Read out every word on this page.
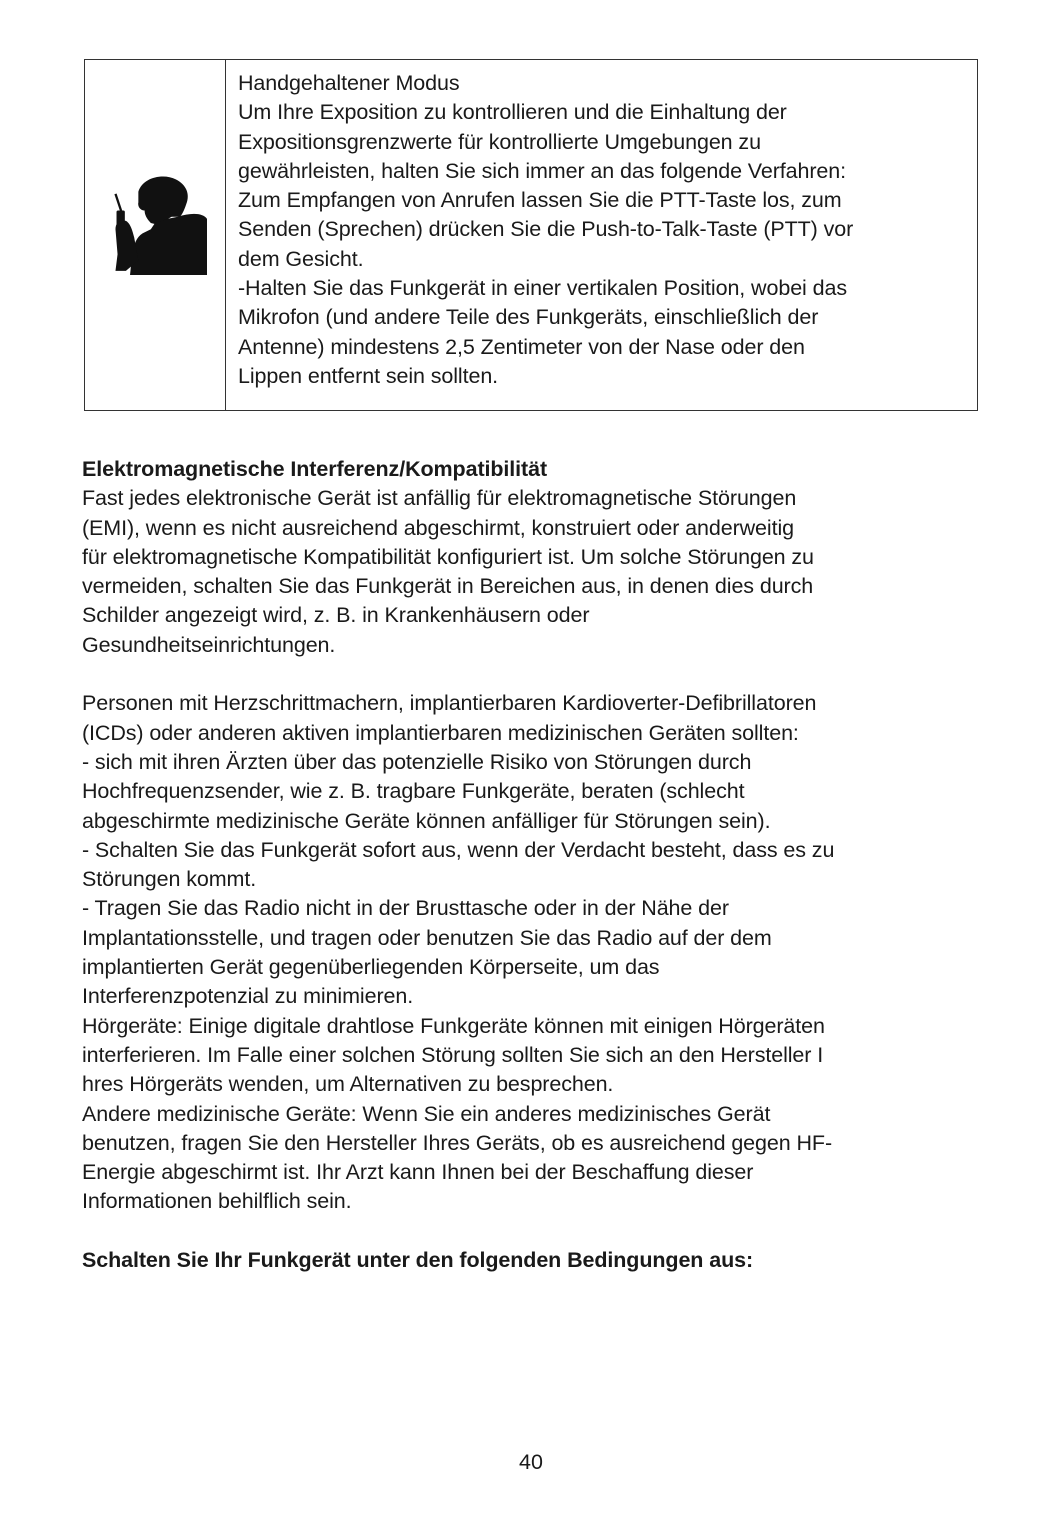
Handgehaltener Modus

Um Ihre Exposition zu kontrollieren und die Einhaltung der

Expositionsgrenzwerte für kontrollierte Umgebungen zu

gewährleisten, halten Sie sich immer an das folgende Verfahren:

Zum Empfangen von Anrufen lassen Sie die PTT-Taste los, zum

Senden (Sprechen) drücken Sie die Push-to-Talk-Taste (PTT) vor

dem Gesicht.

-Halten Sie das Funkgerät in einer vertikalen Position, wobei das

Mikrofon (und andere Teile des Funkgeräts, einschließlich der

Antenne) mindestens 2,5 Zentimeter von der Nase oder den

Lippen entfernt sein sollten.

Elektromagnetische Interferenz/Kompatibilität

Fast jedes elektronische Gerät ist anfällig für elektromagnetische Störungen

(EMI), wenn es nicht ausreichend abgeschirmt, konstruiert oder anderweitig

für elektromagnetische Kompatibilität konfiguriert ist. Um solche Störungen zu

vermeiden, schalten Sie das Funkgerät in Bereichen aus, in denen dies durch

Schilder angezeigt wird, z. B. in Krankenhäusern oder

Gesundheitseinrichtungen.

Personen mit Herzschrittmachern, implantierbaren Kardioverter-Defibrillatoren

(ICDs) oder anderen aktiven implantierbaren medizinischen Geräten sollten:

- sich mit ihren Ärzten über das potenzielle Risiko von Störungen durch

Hochfrequenzsender, wie z. B. tragbare Funkgeräte, beraten (schlecht

abgeschirmte medizinische Geräte können anfälliger für Störungen sein).

- Schalten Sie das Funkgerät sofort aus, wenn der Verdacht besteht, dass es zu

Störungen kommt.

- Tragen Sie das Radio nicht in der Brusttasche oder in der Nähe der

Implantationsstelle, und tragen oder benutzen Sie das Radio auf der dem

implantierten Gerät gegenüberliegenden Körperseite, um das

Interferenzpotenzial zu minimieren.

Hörgeräte: Einige digitale drahtlose Funkgeräte können mit einigen Hörgeräten

interferieren. Im Falle einer solchen Störung sollten Sie sich an den Hersteller I

hres Hörgeräts wenden, um Alternativen zu besprechen.

Andere medizinische Geräte: Wenn Sie ein anderes medizinisches Gerät

benutzen, fragen Sie den Hersteller Ihres Geräts, ob es ausreichend gegen HF-

Energie abgeschirmt ist. Ihr Arzt kann Ihnen bei der Beschaffung dieser

Informationen behilflich sein.

Schalten Sie Ihr Funkgerät unter den folgenden Bedingungen aus:

40
